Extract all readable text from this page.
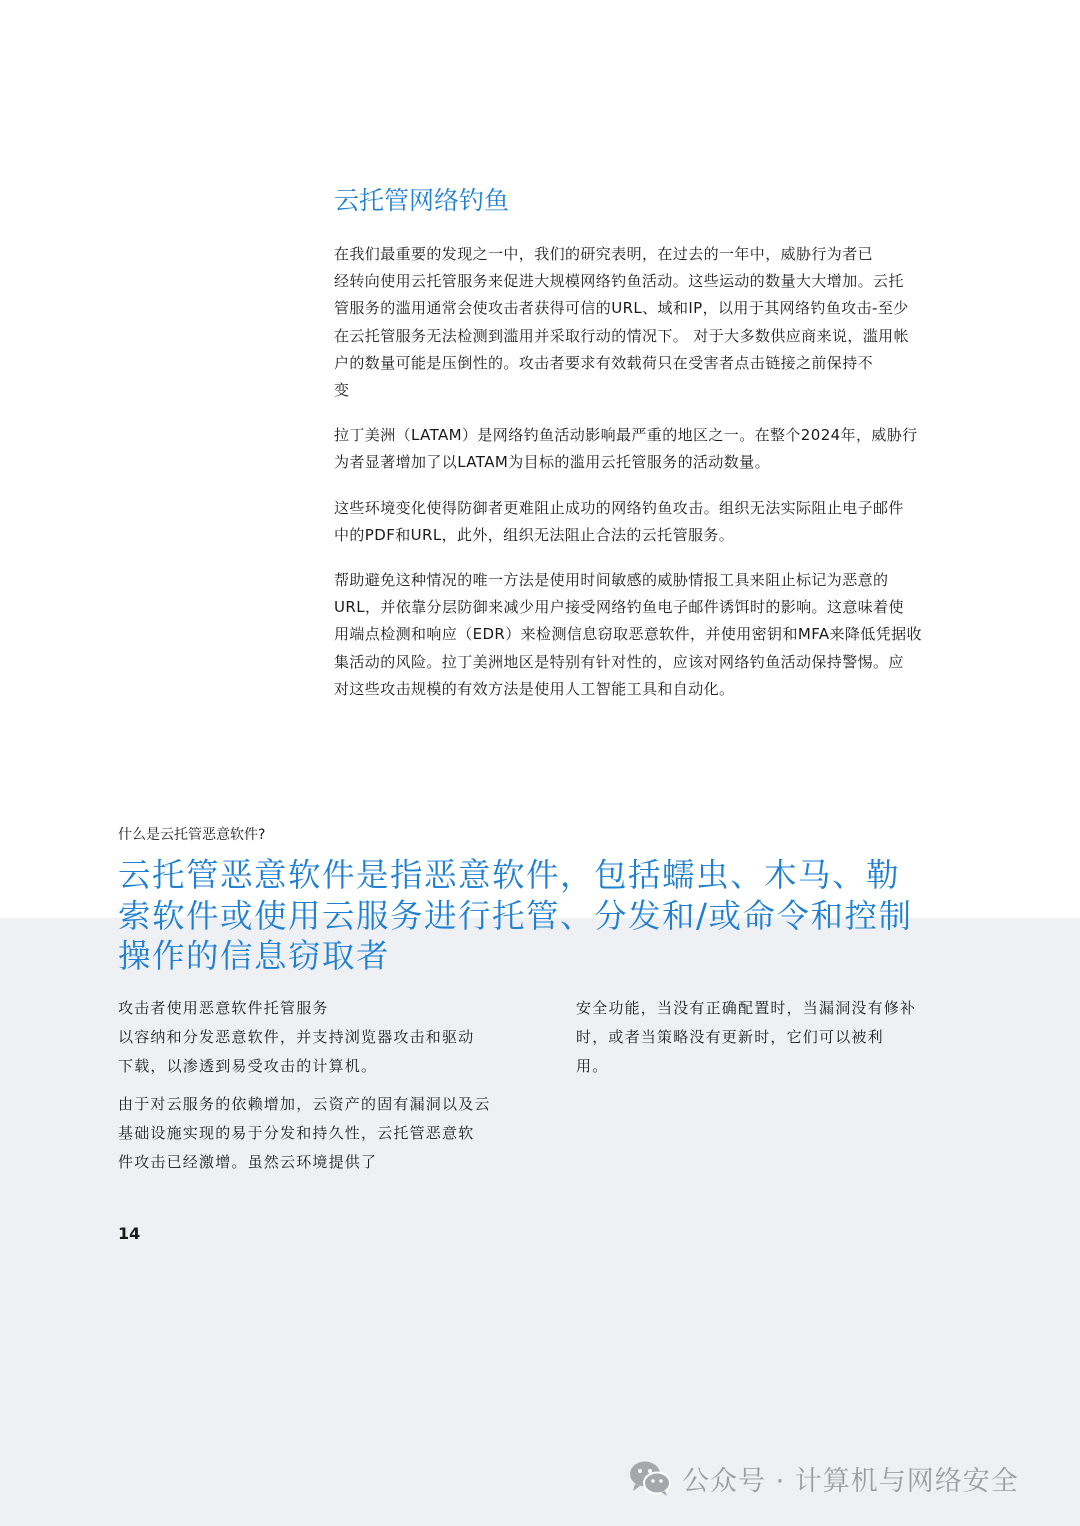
云托管网络钓鱼

在我们最重要的发现之一中，我们的研究表明，在过去的一年中，威胁行为者已
经转向使用云托管服务来促进大规模网络钓鱼活动。这些运动的数量大大增加。云托
管服务的滥用通常会使攻击者获得可信的URL、域和IP，以用于其网络钓鱼攻击-至少
在云托管服务无法检测到滥用并采取行动的情况下。 对于大多数供应商来说，滥用帐
户的数量可能是压倒性的。攻击者要求有效载荷只在受害者点击链接之前保持不
变

拉丁美洲（LATAM）是网络钓鱼活动影响最严重的地区之一。在整个2024年，威胁行
为者显著增加了以LATAM为目标的滥用云托管服务的活动数量。

这些环境变化使得防御者更难阻止成功的网络钓鱼攻击。组织无法实际阻止电子邮件
中的PDF和URL，此外，组织无法阻止合法的云托管服务。

帮助避免这种情况的唯一方法是使用时间敏感的威胁情报工具来阻止标记为恶意的
URL，并依靠分层防御来减少用户接受网络钓鱼电子邮件诱饵时的影响。这意味着使
用端点检测和响应（EDR）来检测信息窃取恶意软件，并使用密钥和MFA来降低凭据收
集活动的风险。拉丁美洲地区是特别有针对性的，应该对网络钓鱼活动保持警惕。应
对这些攻击规模的有效方法是使用人工智能工具和自动化。

什么是云托管恶意软件?
云托管恶意软件是指恶意软件，包括蠕虫、木马、勒
索软件或使用云服务进行托管、分发和/或命令和控制
操作的信息窃取者

攻击者使用恶意软件托管服务

以容纳和分发恶意软件，并支持浏览器攻击和驱动

下载，以渗透到易受攻击的计算机。

由于对云服务的依赖增加，云资产的固有漏洞以及云

基础设施实现的易于分发和持久性，云托管恶意软

件攻击已经激增。虽然云环境提供了

安全功能，当没有正确配置时，当漏洞没有修补

时，或者当策略没有更新时，它们可以被利

用。

14
公众号 · 计算机与网络安全
